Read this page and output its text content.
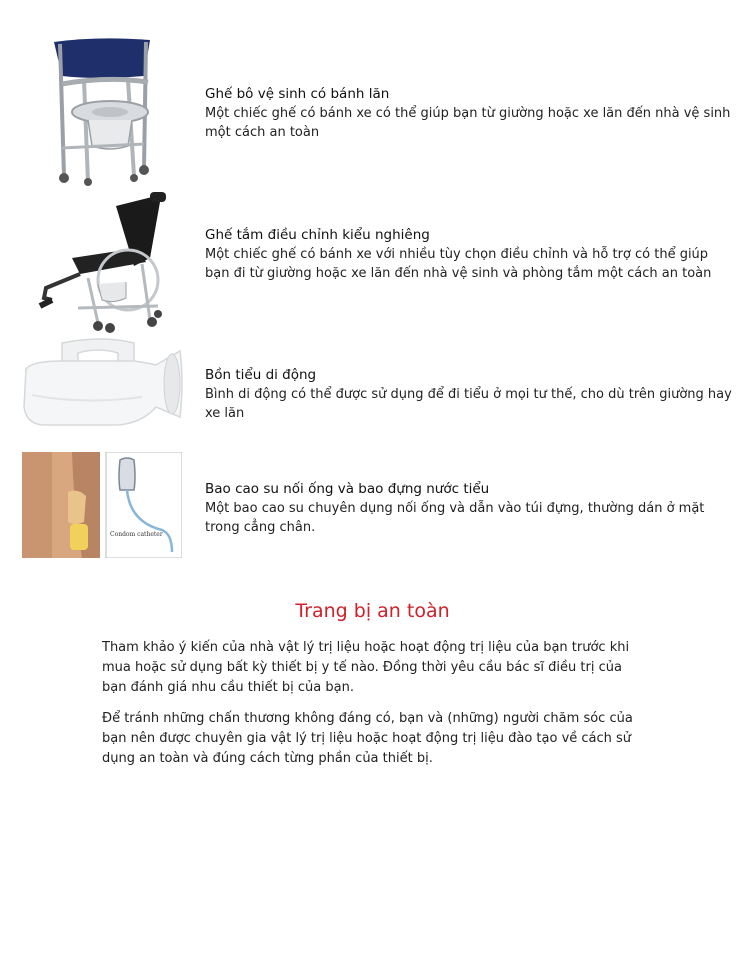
Ghế bô vệ sinh có bánh lăn
Một chiếc ghế có bánh xe có thể giúp bạn từ giường hoặc xe lăn đến nhà vệ sinh một cách an toàn
Ghế tắm điều chỉnh kiểu nghiêng
Một chiếc ghế có bánh xe với nhiều tùy chọn điều chỉnh và hỗ trợ có thể giúp bạn đi từ giường hoặc xe lăn đến nhà vệ sinh và phòng tắm một cách an toàn
Bồn tiểu di động
Bình di động có thể được sử dụng để đi tiểu ở mọi tư thế, cho dù trên giường hay xe lăn
Condom catheter
Bao cao su nối ống và bao đựng nước tiểu
Một bao cao su chuyên dụng nối ống và dẫn vào túi đựng, thường dán ở mặt trong cẳng chân.
Trang bị an toàn
Tham khảo ý kiến của nhà vật lý trị liệu hoặc hoạt động trị liệu của bạn trước khi mua hoặc sử dụng bất kỳ thiết bị y tế nào. Đồng thời yêu cầu bác sĩ điều trị của bạn đánh giá nhu cầu thiết bị của bạn.
Để tránh những chấn thương không đáng có, bạn và (những) người chăm sóc của bạn nên được chuyên gia vật lý trị liệu hoặc hoạt động trị liệu đào tạo về cách sử dụng an toàn và đúng cách từng phần của thiết bị.
